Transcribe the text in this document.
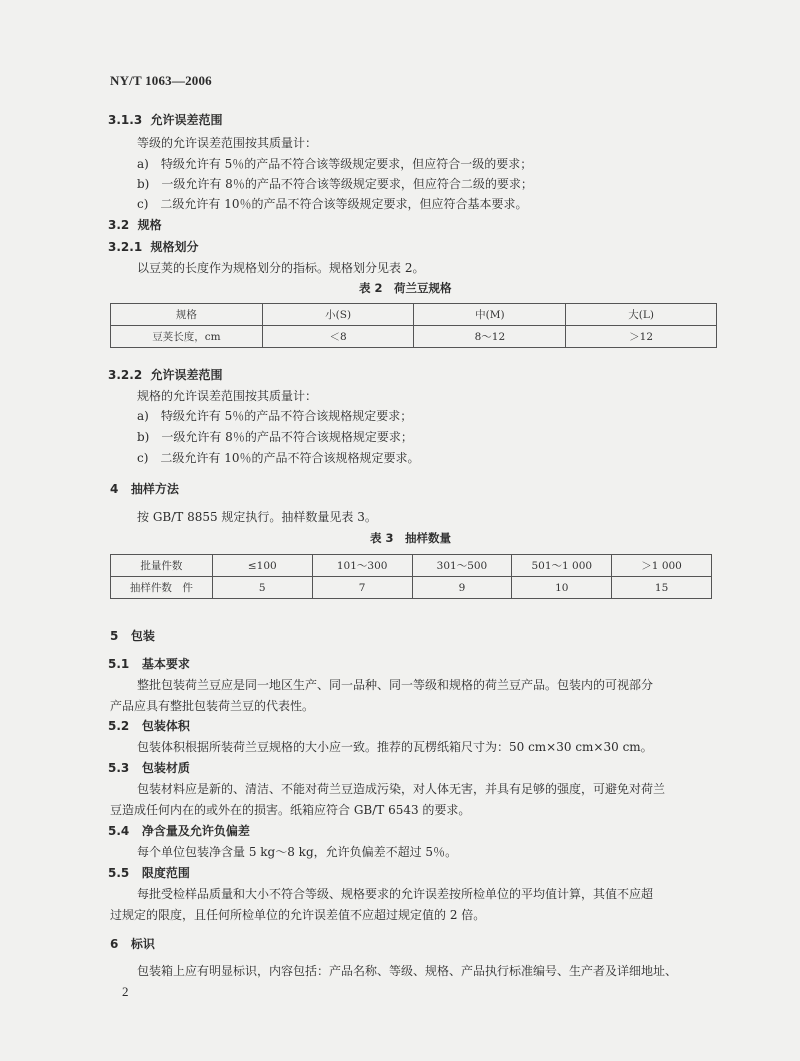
NY/T 1063—2006
3.1.3 允许误差范围
等级的允许误差范围按其质量计：
a)　特级允许有 5％的产品不符合该等级规定要求，但应符合一级的要求；
b)　一级允许有 8％的产品不符合该等级规定要求，但应符合二级的要求；
c)　二级允许有 10％的产品不符合该等级规定要求，但应符合基本要求。
3.2 规格
3.2.1 规格划分
以豆荚的长度作为规格划分的指标。规格划分见表 2。
表 2　荷兰豆规格
规格	小(S)	中(M)	大(L)
豆荚长度，cm	＜8	8～12	＞12
3.2.2 允许误差范围
规格的允许误差范围按其质量计：
a)　特级允许有 5％的产品不符合该规格规定要求；
b)　一级允许有 8％的产品不符合该规格规定要求；
c)　二级允许有 10％的产品不符合该规格规定要求。
4 抽样方法
按 GB/T 8855 规定执行。抽样数量见表 3。
表 3　抽样数量
批量件数	≤100	101～300	301～500	501～1 000	＞1 000
抽样件数　件	5	7	9	10	15
5 包装
5.1 基本要求
整批包装荷兰豆应是同一地区生产、同一品种、同一等级和规格的荷兰豆产品。包装内的可视部分
产品应具有整批包装荷兰豆的代表性。
5.2 包装体积
包装体积根据所装荷兰豆规格的大小应一致。推荐的瓦楞纸箱尺寸为：50 cm×30 cm×30 cm。
5.3 包装材质
包装材料应是新的、清洁、不能对荷兰豆造成污染，对人体无害，并具有足够的强度，可避免对荷兰
豆造成任何内在的或外在的损害。纸箱应符合 GB/T 6543 的要求。
5.4 净含量及允许负偏差
每个单位包装净含量 5 kg～8 kg，允许负偏差不超过 5％。
5.5 限度范围
每批受检样品质量和大小不符合等级、规格要求的允许误差按所检单位的平均值计算，其值不应超
过规定的限度，且任何所检单位的允许误差值不应超过规定值的 2 倍。
6 标识
包装箱上应有明显标识，内容包括：产品名称、等级、规格、产品执行标准编号、生产者及详细地址、
2
